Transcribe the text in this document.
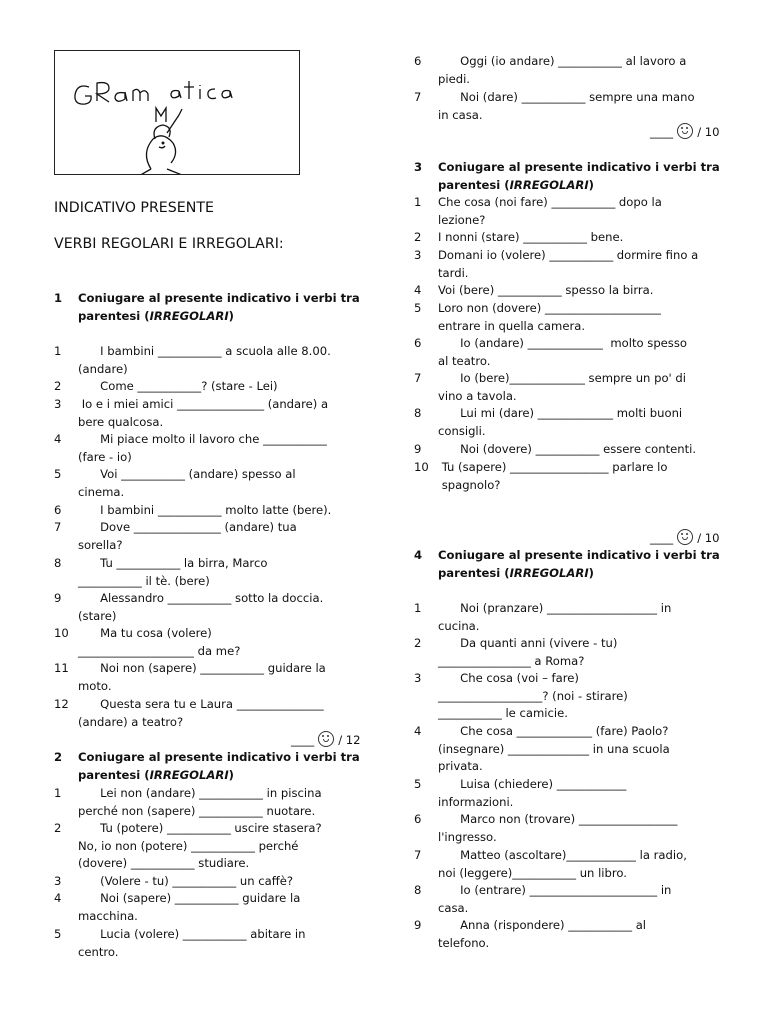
gRamMatica
INDICATIVO PRESENTE
VERBI REGOLARI E IRREGOLARI:
1 Coniugare al presente indicativo i verbi tra parentesi (IRREGOLARI)
1 I bambini ___________ a scuola alle 8.00.
(andare)
2 Come ___________? (stare - Lei)
3 Io e i miei amici _______________ (andare) a
bere qualcosa.
4 Mi piace molto il lavoro che ___________
(fare - io)
5 Voi ___________ (andare) spesso al
cinema.
6 I bambini ___________ molto latte (bere).
7 Dove _______________ (andare) tua
sorella?
8 Tu ___________ la birra, Marco
___________ il tè. (bere)
9 Alessandro ___________ sotto la doccia.
(stare)
10 Ma tu cosa (volere)
____________________ da me?
11 Noi non (sapere) ___________ guidare la
moto.
12 Questa sera tu e Laura _______________
(andare) a teatro?
____ / 12
2 Coniugare al presente indicativo i verbi tra parentesi (IRREGOLARI)
1 Lei non (andare) ___________ in piscina
perché non (sapere) ___________ nuotare.
2 Tu (potere) ___________ uscire stasera?
No, io non (potere) ___________ perché
(dovere) ___________ studiare.
3 (Volere - tu) ___________ un caffè?
4 Noi (sapere) ___________ guidare la
macchina.
5 Lucia (volere) ___________ abitare in
centro.
6 Oggi (io andare) ___________ al lavoro a
piedi.
7 Noi (dare) ___________ sempre una mano
in casa.
____ / 10
3 Coniugare al presente indicativo i verbi tra parentesi (IRREGOLARI)
1 Che cosa (noi fare) ___________ dopo la
lezione?
2 I nonni (stare) ___________ bene.
3 Domani io (volere) ___________ dormire fino a
tardi.
4 Voi (bere) ___________ spesso la birra.
5 Loro non (dovere) ____________________
entrare in quella camera.
6 Io (andare) _____________  molto spesso
al teatro.
7 Io (bere)_____________ sempre un po' di
vino a tavola.
8 Lui mi (dare) _____________ molti buoni
consigli.
9 Noi (dovere) ___________ essere contenti.
10 Tu (sapere) _________________ parlare lo
spagnolo?
____ / 10
4 Coniugare al presente indicativo i verbi tra parentesi (IRREGOLARI)
1 Noi (pranzare) ___________________ in
cucina.
2 Da quanti anni (vivere - tu)
________________ a Roma?
3 Che cosa (voi – fare)
__________________? (noi - stirare)
___________ le camicie.
4 Che cosa _____________ (fare) Paolo?
(insegnare) ______________ in una scuola
privata.
5 Luisa (chiedere) ____________
informazioni.
6 Marco non (trovare) _________________
l'ingresso.
7 Matteo (ascoltare)____________ la radio,
noi (leggere)___________ un libro.
8 Io (entrare) ______________________ in
casa.
9 Anna (rispondere) ___________ al
telefono.
